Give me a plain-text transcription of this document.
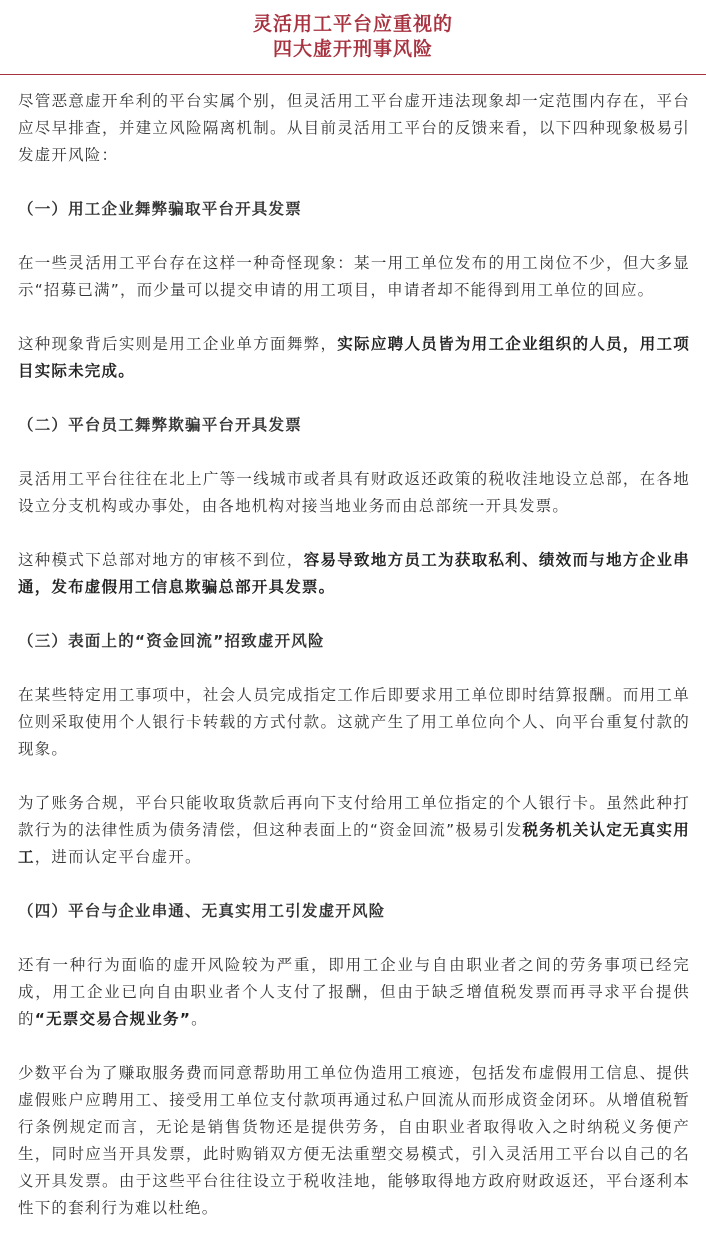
灵活用工平台应重视的
四大虚开刑事风险

尽管恶意虚开牟利的平台实属个别，但灵活用工平台虚开违法现象却一定范围内存在，平台应尽早排查，并建立风险隔离机制。从目前灵活用工平台的反馈来看，以下四种现象极易引发虚开风险：

（一）用工企业舞弊骗取平台开具发票

在一些灵活用工平台存在这样一种奇怪现象：某一用工单位发布的用工岗位不少，但大多显示“招募已满”，而少量可以提交申请的用工项目，申请者却不能得到用工单位的回应。

这种现象背后实则是用工企业单方面舞弊，实际应聘人员皆为用工企业组织的人员，用工项目实际未完成。

（二）平台员工舞弊欺骗平台开具发票

灵活用工平台往往在北上广等一线城市或者具有财政返还政策的税收洼地设立总部，在各地设立分支机构或办事处，由各地机构对接当地业务而由总部统一开具发票。

这种模式下总部对地方的审核不到位，容易导致地方员工为获取私利、绩效而与地方企业串通，发布虚假用工信息欺骗总部开具发票。

（三）表面上的“资金回流”招致虚开风险

在某些特定用工事项中，社会人员完成指定工作后即要求用工单位即时结算报酬。而用工单位则采取使用个人银行卡转载的方式付款。这就产生了用工单位向个人、向平台重复付款的现象。

为了账务合规，平台只能收取货款后再向下支付给用工单位指定的个人银行卡。虽然此种打款行为的法律性质为债务清偿，但这种表面上的“资金回流”极易引发税务机关认定无真实用工，进而认定平台虚开。

（四）平台与企业串通、无真实用工引发虚开风险

还有一种行为面临的虚开风险较为严重，即用工企业与自由职业者之间的劳务事项已经完成，用工企业已向自由职业者个人支付了报酬，但由于缺乏增值税发票而再寻求平台提供的“无票交易合规业务”。

少数平台为了赚取服务费而同意帮助用工单位伪造用工痕迹，包括发布虚假用工信息、提供虚假账户应聘用工、接受用工单位支付款项再通过私户回流从而形成资金闭环。从增值税暂行条例规定而言，无论是销售货物还是提供劳务，自由职业者取得收入之时纳税义务便产生，同时应当开具发票，此时购销双方便无法重塑交易模式，引入灵活用工平台以自己的名义开具发票。由于这些平台往往设立于税收洼地，能够取得地方政府财政返还，平台逐利本性下的套利行为难以杜绝。
